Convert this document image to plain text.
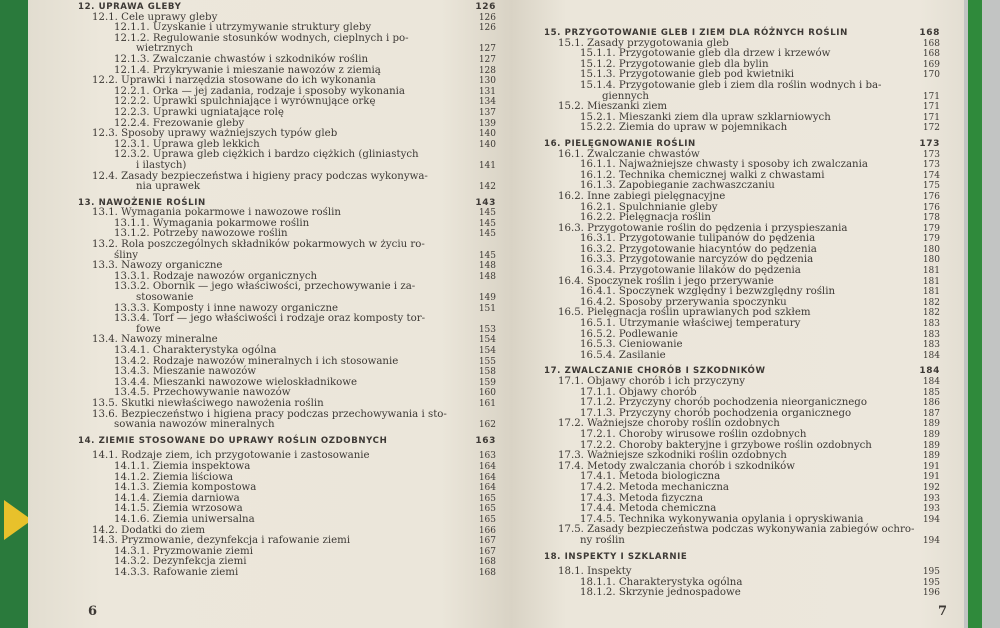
12. UPRAWA GLEBY	126
12.1. Cele uprawy gleby	126
12.1.1. Uzyskanie i utrzymywanie struktury gleby	126
12.1.2. Regulowanie stosunków wodnych, cieplnych i po-
wietrznych	127
12.1.3. Zwalczanie chwastów i szkodników roślin	127
12.1.4. Przykrywanie i mieszanie nawozów z ziemią	128
12.2. Uprawki i narzędzia stosowane do ich wykonania	130
12.2.1. Orka — jej zadania, rodzaje i sposoby wykonania	131
12.2.2. Uprawki spulchniające i wyrównujące orkę	134
12.2.3. Uprawki ugniatające rolę	137
12.2.4. Frezowanie gleby	139
12.3. Sposoby uprawy ważniejszych typów gleb	140
12.3.1. Uprawa gleb lekkich	140
12.3.2. Uprawa gleb ciężkich i bardzo ciężkich (gliniastych
i ilastych)	141
12.4. Zasady bezpieczeństwa i higieny pracy podczas wykonywa-
nia uprawek	142
13. NAWOŻENIE ROŚLIN	143
13.1. Wymagania pokarmowe i nawozowe roślin	145
13.1.1. Wymagania pokarmowe roślin	145
13.1.2. Potrzeby nawozowe roślin	145
13.2. Rola poszczególnych składników pokarmowych w życiu ro-
śliny	145
13.3. Nawozy organiczne	148
13.3.1. Rodzaje nawozów organicznych	148
13.3.2. Obornik — jego właściwości, przechowywanie i za-
stosowanie	149
13.3.3. Komposty i inne nawozy organiczne	151
13.3.4. Torf — jego właściwości i rodzaje oraz komposty tor-
fowe	153
13.4. Nawozy mineralne	154
13.4.1. Charakterystyka ogólna	154
13.4.2. Rodzaje nawozów mineralnych i ich stosowanie	155
13.4.3. Mieszanie nawozów	158
13.4.4. Mieszanki nawozowe wieloskładnikowe	159
13.4.5. Przechowywanie nawozów	160
13.5. Skutki niewłaściwego nawożenia roślin	161
13.6. Bezpieczeństwo i higiena pracy podczas przechowywania i sto-
sowania nawozów mineralnych	162
14. ZIEMIE STOSOWANE DO UPRAWY ROŚLIN OZDOBNYCH	163
14.1. Rodzaje ziem, ich przygotowanie i zastosowanie	163
14.1.1. Ziemia inspektowa	164
14.1.2. Ziemia liściowa	164
14.1.3. Ziemia kompostowa	164
14.1.4. Ziemia darniowa	165
14.1.5. Ziemia wrzosowa	165
14.1.6. Ziemia uniwersalna	165
14.2. Dodatki do ziem	166
14.3. Pryzmowanie, dezynfekcja i rafowanie ziemi	167
14.3.1. Pryzmowanie ziemi	167
14.3.2. Dezynfekcja ziemi	168
14.3.3. Rafowanie ziemi	168
6
15. PRZYGOTOWANIE GLEB I ZIEM DLA RÓŻNYCH ROŚLIN	168
15.1. Zasady przygotowania gleb	168
15.1.1. Przygotowanie gleb dla drzew i krzewów	168
15.1.2. Przygotowanie gleb dla bylin	169
15.1.3. Przygotowanie gleb pod kwietniki	170
15.1.4. Przygotowanie gleb i ziem dla roślin wodnych i ba-
giennych	171
15.2. Mieszanki ziem	171
15.2.1. Mieszanki ziem dla upraw szklarniowych	171
15.2.2. Ziemia do upraw w pojemnikach	172
16. PIELĘGNOWANIE ROŚLIN	173
16.1. Zwalczanie chwastów	173
16.1.1. Najważniejsze chwasty i sposoby ich zwalczania	173
16.1.2. Technika chemicznej walki z chwastami	174
16.1.3. Zapobieganie zachwaszczaniu	175
16.2. Inne zabiegi pielęgnacyjne	176
16.2.1. Spulchnianie gleby	176
16.2.2. Pielęgnacja roślin	178
16.3. Przygotowanie roślin do pędzenia i przyspieszania	179
16.3.1. Przygotowanie tulipanów do pędzenia	179
16.3.2. Przygotowanie hiacyntów do pędzenia	180
16.3.3. Przygotowanie narcyzów do pędzenia	180
16.3.4. Przygotowanie lilaków do pędzenia	181
16.4. Spoczynek roślin i jego przerywanie	181
16.4.1. Spoczynek względny i bezwzględny roślin	181
16.4.2. Sposoby przerywania spoczynku	182
16.5. Pielęgnacja roślin uprawianych pod szkłem	182
16.5.1. Utrzymanie właściwej temperatury	183
16.5.2. Podlewanie	183
16.5.3. Cieniowanie	183
16.5.4. Zasilanie	184
17. ZWALCZANIE CHORÓB I SZKODNIKÓW	184
17.1. Objawy chorób i ich przyczyny	184
17.1.1. Objawy chorób	185
17.1.2. Przyczyny chorób pochodzenia nieorganicznego	186
17.1.3. Przyczyny chorób pochodzenia organicznego	187
17.2. Ważniejsze choroby roślin ozdobnych	189
17.2.1. Choroby wirusowe roślin ozdobnych	189
17.2.2. Choroby bakteryjne i grzybowe roślin ozdobnych	189
17.3. Ważniejsze szkodniki roślin ozdobnych	189
17.4. Metody zwalczania chorób i szkodników	191
17.4.1. Metoda biologiczna	191
17.4.2. Metoda mechaniczna	192
17.4.3. Metoda fizyczna	193
17.4.4. Metoda chemiczna	193
17.4.5. Technika wykonywania opylania i opryskiwania	194
17.5. Zasady bezpieczeństwa podczas wykonywania zabiegów ochro-
ny roślin	194
18. INSPEKTY I SZKLARNIE
18.1. Inspekty	195
18.1.1. Charakterystyka ogólna	195
18.1.2. Skrzynie jednospadowe	196
7
